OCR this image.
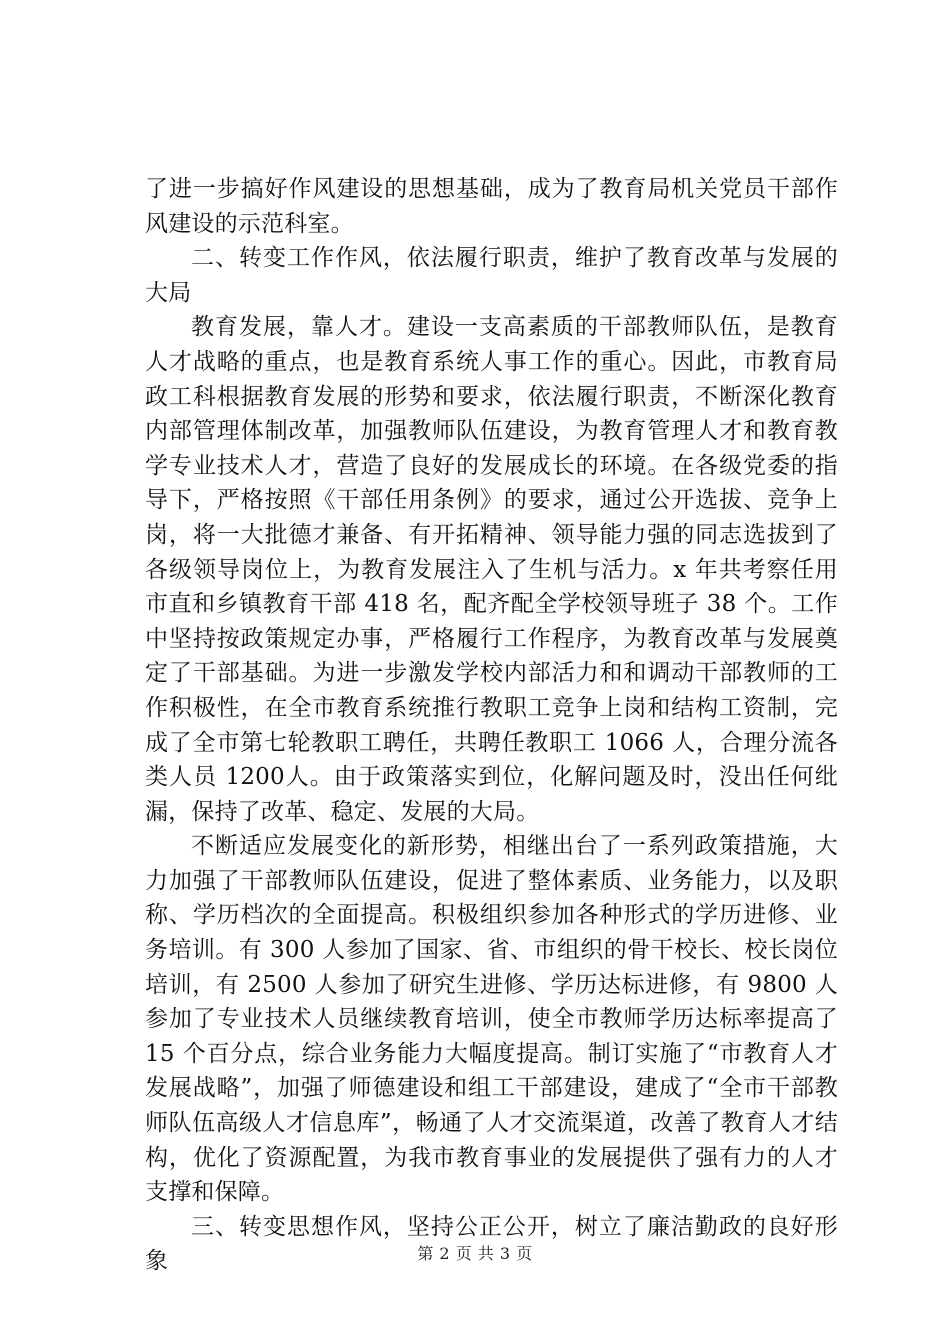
了进一步搞好作风建设的思想基础，成为了教育局机关党员干部作风建设的示范科室。

二、转变工作作风，依法履行职责，维护了教育改革与发展的大局

教育发展，靠人才。建设一支高素质的干部教师队伍，是教育人才战略的重点，也是教育系统人事工作的重心。因此，市教育局政工科根据教育发展的形势和要求，依法履行职责，不断深化教育内部管理体制改革，加强教师队伍建设，为教育管理人才和教育教学专业技术人才，营造了良好的发展成长的环境。在各级党委的指导下，严格按照《干部任用条例》的要求，通过公开选拔、竞争上岗，将一大批德才兼备、有开拓精神、领导能力强的同志选拔到了各级领导岗位上，为教育发展注入了生机与活力。x 年共考察任用市直和乡镇教育干部 418 名，配齐配全学校领导班子 38 个。工作中坚持按政策规定办事，严格履行工作程序，为教育改革与发展奠定了干部基础。为进一步激发学校内部活力和和调动干部教师的工作积极性，在全市教育系统推行教职工竞争上岗和结构工资制，完成了全市第七轮教职工聘任，共聘任教职工 1066 人，合理分流各类人员 1200人。由于政策落实到位，化解问题及时，没出任何纰漏，保持了改革、稳定、发展的大局。

不断适应发展变化的新形势，相继出台了一系列政策措施，大力加强了干部教师队伍建设，促进了整体素质、业务能力，以及职称、学历档次的全面提高。积极组织参加各种形式的学历进修、业务培训。有 300 人参加了国家、省、市组织的骨干校长、校长岗位培训，有 2500 人参加了研究生进修、学历达标进修，有 9800 人参加了专业技术人员继续教育培训，使全市教师学历达标率提高了 15 个百分点，综合业务能力大幅度提高。制订实施了“市教育人才发展战略”，加强了师德建设和组工干部建设，建成了“全市干部教师队伍高级人才信息库”，畅通了人才交流渠道，改善了教育人才结构，优化了资源配置，为我市教育事业的发展提供了强有力的人才支撑和保障。

三、转变思想作风，坚持公正公开，树立了廉洁勤政的良好形象	第 2 页 共 3 页
